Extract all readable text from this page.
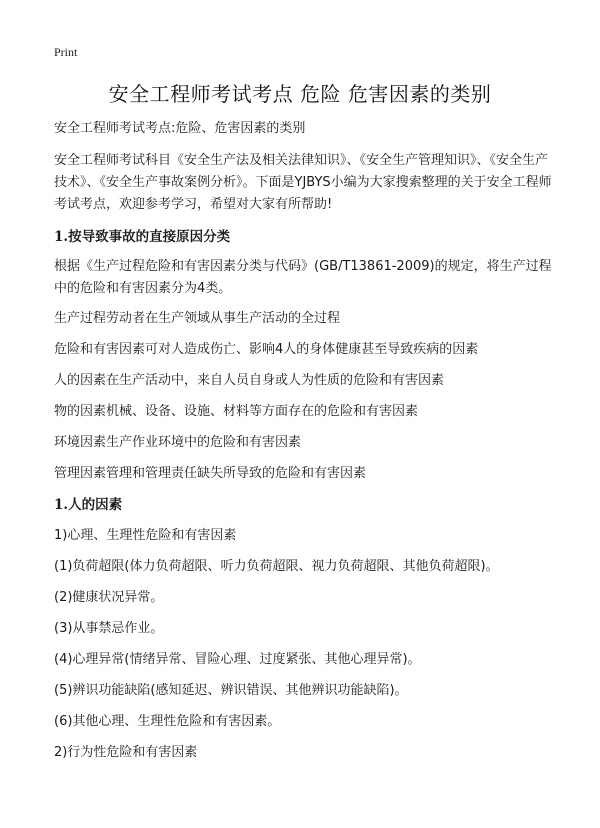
Print
安全工程师考试考点 危险 危害因素的类别

安全工程师考试考点:危险、危害因素的类别

安全工程师考试科目《安全生产法及相关法律知识》、《安全生产管理知识》、《安全生产技术》、《安全生产事故案例分析》。下面是YJBYS小编为大家搜索整理的关于安全工程师考试考点，欢迎参考学习，希望对大家有所帮助!

1.按导致事故的直接原因分类

根据《生产过程危险和有害因素分类与代码》(GB/T13861-2009)的规定，将生产过程中的危险和有害因素分为4类。

生产过程劳动者在生产领域从事生产活动的全过程

危险和有害因素可对人造成伤亡、影响4人的身体健康甚至导致疾病的因素

人的因素在生产活动中，来自人员自身或人为性质的危险和有害因素

物的因素机械、设备、设施、材料等方面存在的危险和有害因素

环境因素生产作业环境中的危险和有害因素

管理因素管理和管理责任缺失所导致的危险和有害因素

1.人的因素

1)心理、生理性危险和有害因素

(1)负荷超限(体力负荷超限、听力负荷超限、视力负荷超限、其他负荷超限)。

(2)健康状况异常。

(3)从事禁忌作业。

(4)心理异常(情绪异常、冒险心理、过度紧张、其他心理异常)。

(5)辨识功能缺陷(感知延迟、辨识错误、其他辨识功能缺陷)。

(6)其他心理、生理性危险和有害因素。

2)行为性危险和有害因素
